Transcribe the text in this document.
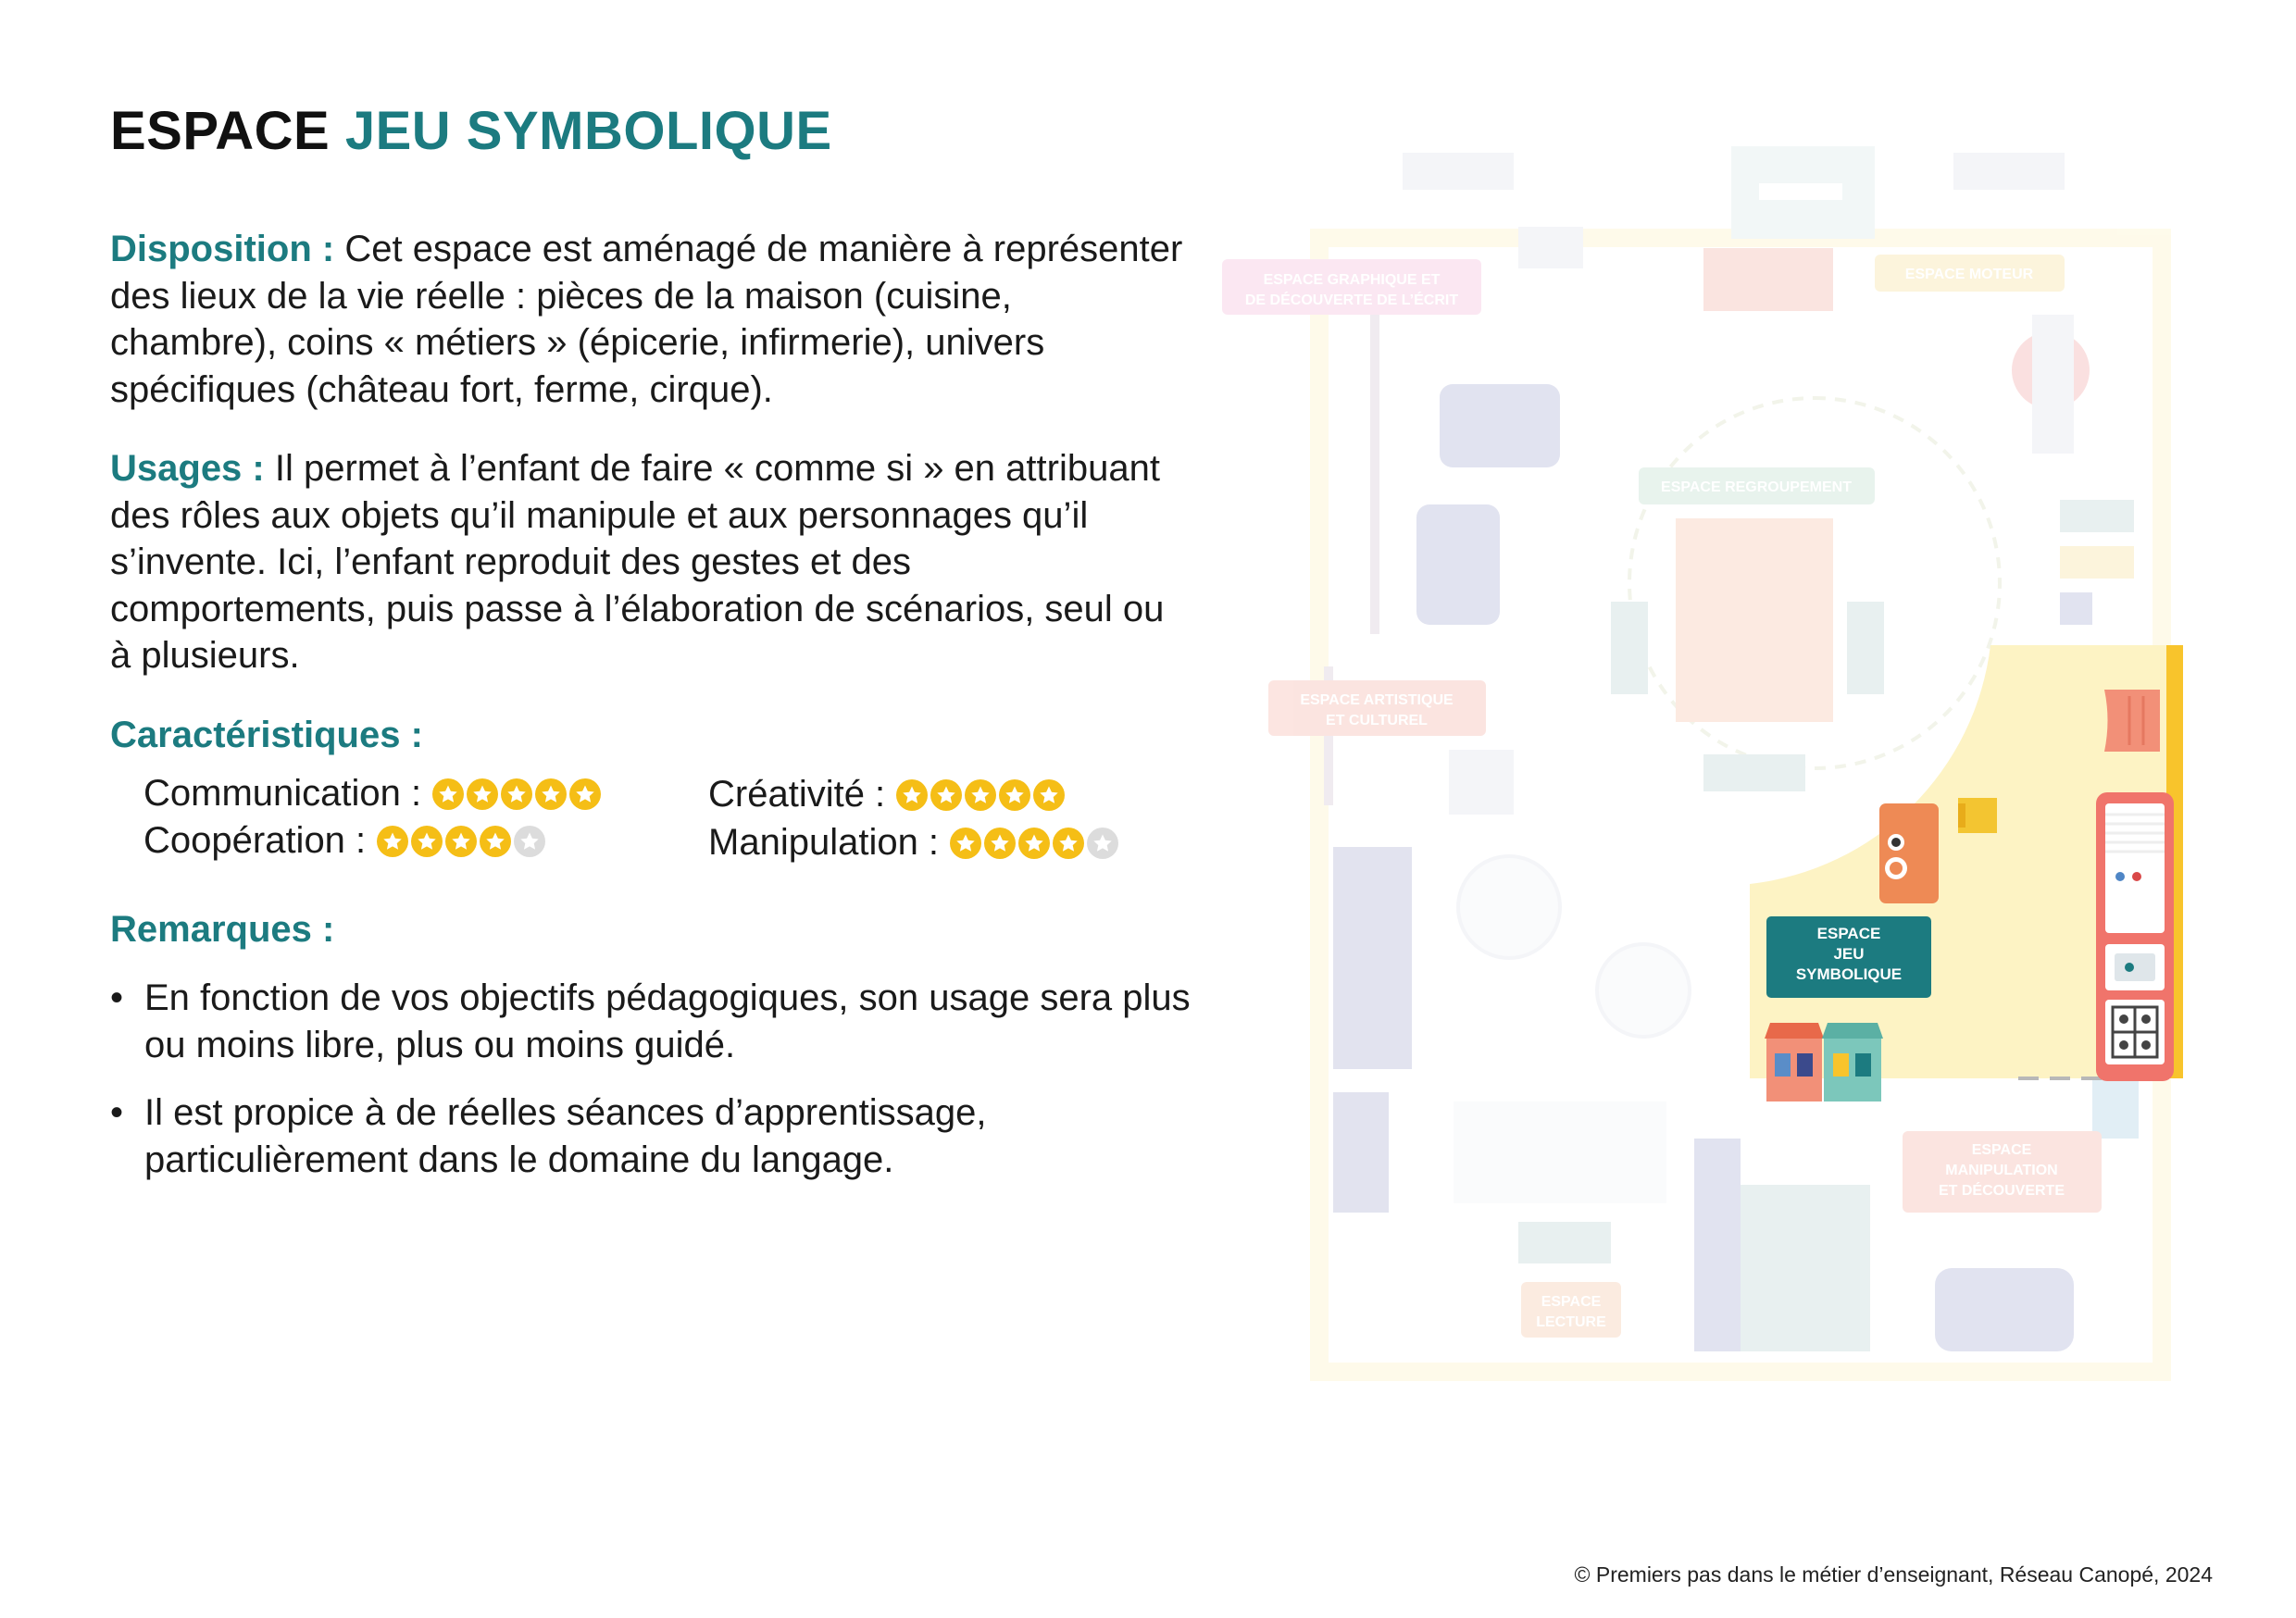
ESPACE JEU SYMBOLIQUE

Disposition : Cet espace est aménagé de manière à représenter des lieux de la vie réelle : pièces de la maison (cuisine, chambre), coins « métiers » (épicerie, infirmerie), univers spécifiques (château fort, ferme, cirque).

Usages : Il permet à l’enfant de faire « comme si » en attribuant des rôles aux objets qu’il manipule et aux personnages qu’il s’invente. Ici, l’enfant reproduit des gestes et des comportements, puis passe à l’élaboration de scénarios, seul ou à plusieurs.

Caractéristiques :
Communication :
Coopération :
Créativité :
Manipulation :
Remarques :
• En fonction de vos objectifs pédagogiques, son usage sera plus ou moins libre, plus ou moins guidé.
• Il est propice à de réelles séances d’apprentissage, particulièrement dans le domaine du langage.
ESPACE GRAPHIQUE ET
DE DÉCOUVERTE DE L’ÉCRIT
ESPACE MOTEUR
ESPACE REGROUPEMENT
ESPACE ARTISTIQUE
ET CULTUREL
ESPACE
MANIPULATION
ET DÉCOUVERTE
ESPACE
LECTURE
ESPACE
JEU
SYMBOLIQUE

© Premiers pas dans le métier d’enseignant, Réseau Canopé, 2024
